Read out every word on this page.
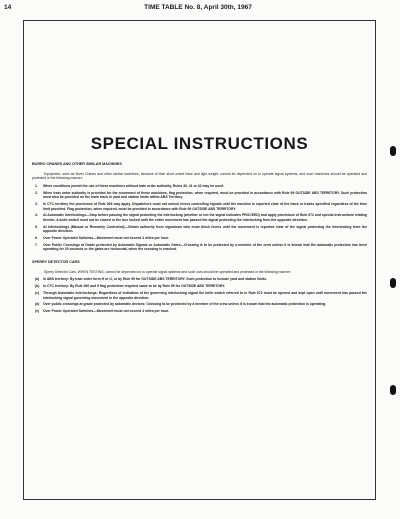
14	TIME TABLE No. 8, April 30th, 1967
SPECIAL INSTRUCTIONS
BURRO CRANES AND OTHER SIMILAR MACHINES
Equipment, such as Burro Cranes and other similar machines, because of their short wheel base and light weight, cannot be depended on to operate signal systems, and such machines should be operated and protected in the following manner:
1. When conditions permit the use of these machines without train order authority, Rules 40, 41 or 42 may be used.
2. When train order authority is provided for the movement of these machines, flag protection, when required, must be provided in accordance with Rule 99 OUTSIDE ABS TERRITORY. Such protection must also be provided on the main track in yard and station limits within ABS Territory.
3. In CTC territory the provisions of Rule 266 may apply. Dispatchers must not unlock levers controlling signals until the machine is reported clear of the track or tracks specified regardless of the time limit provided. Flag protection, when required, must be provided in accordance with Rule 99 OUTSIDE ABS TERRITORY.
4. At Automatic Interlockings—Stop before passing the signal protecting the interlocking (whether or not the signal indicates PROCEED) and apply provisions of Rule 672 and special instructions relating thereto. A knife switch must not be closed or the box locked until the entire movement has passed the signal protecting the interlocking from the opposite direction.
5. At Interlockings (Manual or Remotely Controlled)—Obtain authority from signalman who must block levers until the movement is reported clear of the signal protecting the interlocking from the opposite direction.
6. Over Power Operated Switches—Movement must not exceed 4 miles per hour.
7. Over Public Crossings at Grade protected by Automatic Signals or Automatic Gates—Crossing is to be protected by a member of the crew unless it is known that the automatic protection has been operating for 20 seconds or the gates are horizontal, when the crossing is reached.
SPERRY DETECTOR CARS
Sperry Detector Cars, WHEN TESTING, cannot be depended on to operate signal systems and such cars should be operated and protected in the following manner:
(a) In ABS territory: By train order form H or U, or by Rule 99 for OUTSIDE ABS TERRITORY. Such protection to include yard and station limits.
(b) In CTC territory: By Rule 266 and if flag protection required same to be by Rule 99 for OUTSIDE ABS TERRITORY.
(c) Through Automatic Interlockings: Regardless of indication of the governing interlocking signal the knife switch referred to in Rule 672 must be opened and kept open until movement has passed the interlocking signal governing movement in the opposite direction.
(d) Over public crossings at grade protected by automatic devices: Crossing to be protected by a member of the crew unless it is known that the automatic protection is operating.
(e) Over Power Operated Switches—Movement must not exceed 4 miles per hour.
